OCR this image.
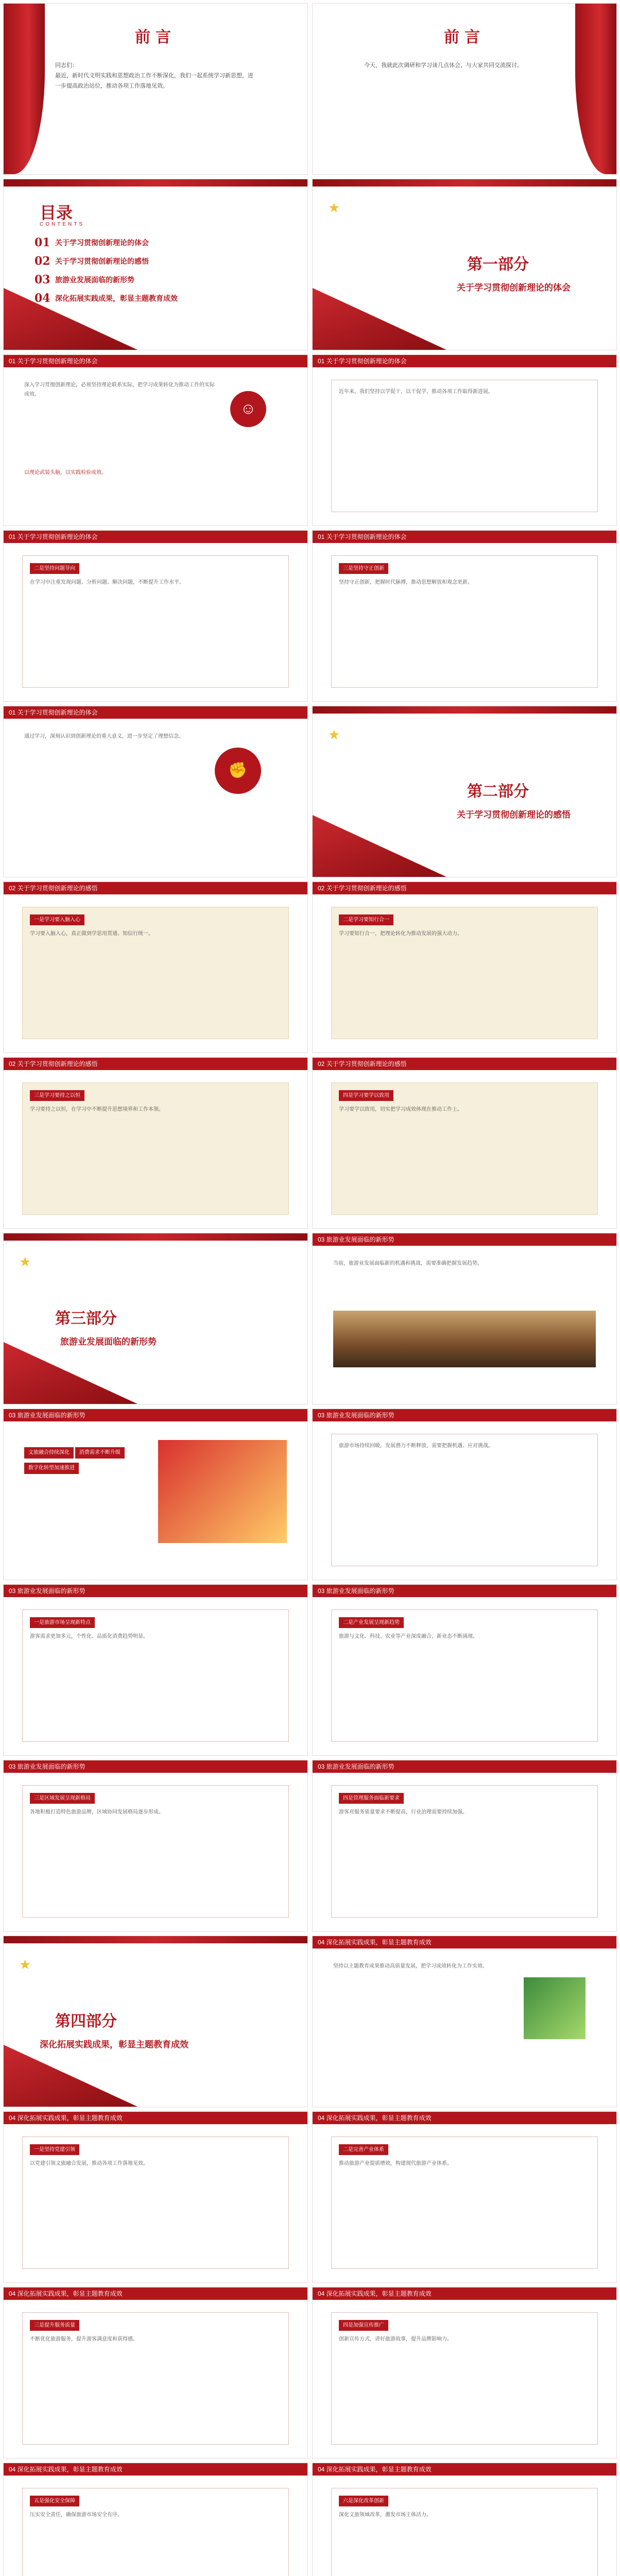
前言
同志们：
最近，新时代文明实践和思想政治工作不断深化，我们一起系统学习新思想，进一步提高政治站位，推动各项工作落地见效。
前言
今天，我就此次调研和学习谈几点体会，与大家共同交流探讨。
目录
CONTENTS
01 关于学习贯彻创新理论的体会
02 关于学习贯彻创新理论的感悟
03 旅游业发展面临的新形势
04 深化拓展实践成果，彰显主题教育成效
★
第一部分
关于学习贯彻创新理论的体会
01 关于学习贯彻创新理论的体会
深入学习贯彻创新理论，必须坚持理论联系实际，把学习成果转化为推动工作的实际成效。
☺
以理论武装头脑，以实践检验成效。
01 关于学习贯彻创新理论的体会
近年来，我们坚持以学促干，以干促学，推动各项工作取得新进展。
01 关于学习贯彻创新理论的体会
二是坚持问题导向
在学习中注重发现问题、分析问题、解决问题，不断提升工作水平。
01 关于学习贯彻创新理论的体会
三是坚持守正创新
坚持守正创新，把握时代脉搏，推动思想解放和观念更新。
01 关于学习贯彻创新理论的体会
通过学习，深刻认识到创新理论的重大意义，进一步坚定了理想信念。
✊
★
第二部分
关于学习贯彻创新理论的感悟
02 关于学习贯彻创新理论的感悟
一是学习要入脑入心
学习要入脑入心，真正做到学思用贯通、知信行统一。
02 关于学习贯彻创新理论的感悟
二是学习要知行合一
学习要知行合一，把理论转化为推动发展的强大动力。
02 关于学习贯彻创新理论的感悟
三是学习要持之以恒
学习要持之以恒，在学习中不断提升思想境界和工作本领。
02 关于学习贯彻创新理论的感悟
四是学习要学以致用
学习要学以致用，切实把学习成效体现在推动工作上。
★
第三部分
旅游业发展面临的新形势
03 旅游业发展面临的新形势
当前，旅游业发展面临新的机遇和挑战，需要准确把握发展趋势。
03 旅游业发展面临的新形势
文旅融合持续深化 消费需求不断升级 数字化转型加速推进
03 旅游业发展面临的新形势
旅游市场持续回暖，发展潜力不断释放，需要把握机遇、应对挑战。
03 旅游业发展面临的新形势
一是旅游市场呈现新特点
游客需求更加多元，个性化、品质化消费趋势明显。
03 旅游业发展面临的新形势
二是产业发展呈现新趋势
旅游与文化、科技、农业等产业深度融合，新业态不断涌现。
03 旅游业发展面临的新形势
三是区域发展呈现新格局
各地积极打造特色旅游品牌，区域协同发展格局逐步形成。
03 旅游业发展面临的新形势
四是管理服务面临新要求
游客对服务质量要求不断提高，行业治理需要持续加强。
★
第四部分
深化拓展实践成果，彰显主题教育成效
04 深化拓展实践成果，彰显主题教育成效
坚持以主题教育成果推动高质量发展，把学习成效转化为工作实效。
04 深化拓展实践成果，彰显主题教育成效
一是坚持党建引领
以党建引领文旅融合发展，推动各项工作落地见效。
04 深化拓展实践成果，彰显主题教育成效
二是完善产业体系
推动旅游产业提质增效，构建现代旅游产业体系。
04 深化拓展实践成果，彰显主题教育成效
三是提升服务质量
不断优化旅游服务，提升游客满意度和获得感。
04 深化拓展实践成果，彰显主题教育成效
四是加强宣传推广
创新宣传方式，讲好旅游故事，提升品牌影响力。
04 深化拓展实践成果，彰显主题教育成效
五是强化安全保障
压实安全责任，确保旅游市场安全有序。
04 深化拓展实践成果，彰显主题教育成效
六是深化改革创新
深化文旅领域改革，激发市场主体活力。
